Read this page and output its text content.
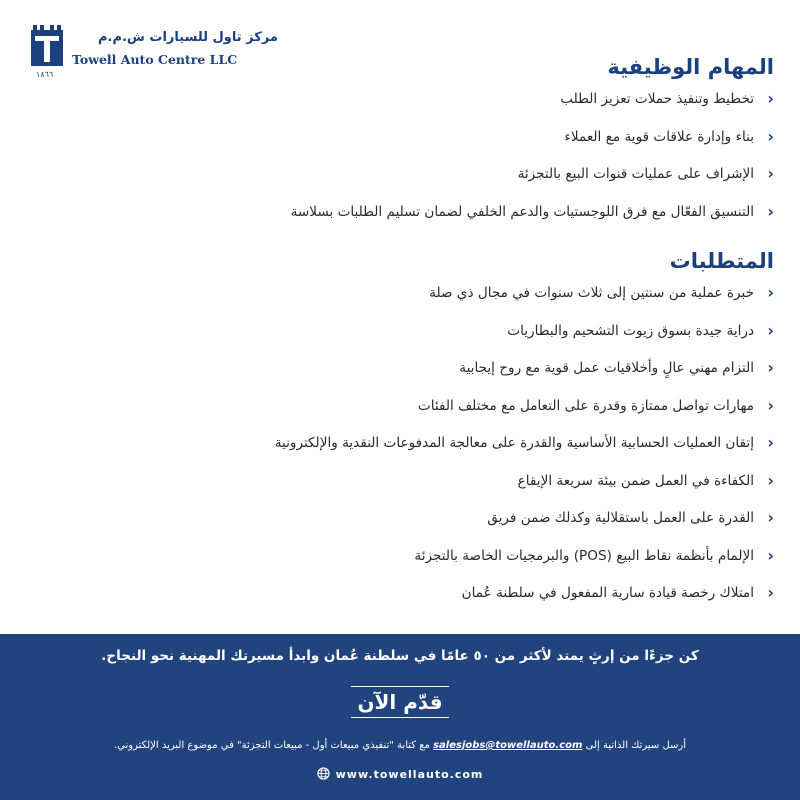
مركز تاول للسيارات ش.م.م
Towell Auto Centre LLC
١٨٦٦	المهام الوظيفية
‹
تخطيط وتنفيذ حملات تعزيز الطلب
‹
بناء وإدارة علاقات قوية مع العملاء
‹
الإشراف على عمليات قنوات البيع بالتجزئة
‹
التنسيق الفعّال مع فرق اللوجستيات والدعم الخلفي لضمان تسليم الطلبات بسلاسة
المتطلبات
‹
خبرة عملية من سنتين إلى ثلاث سنوات في مجال ذي صلة
‹
دراية جيدة بسوق زيوت التشحيم والبطاريات
‹
التزام مهني عالٍ وأخلاقيات عمل قوية مع روح إيجابية
‹
مهارات تواصل ممتازة وقدرة على التعامل مع مختلف الفئات
‹
إتقان العمليات الحسابية الأساسية والقدرة على معالجة المدفوعات النقدية والإلكترونية
‹
الكفاءة في العمل ضمن بيئة سريعة الإيقاع
‹
القدرة على العمل باستقلالية وكذلك ضمن فريق
‹
الإلمام بأنظمة نقاط البيع (POS) والبرمجيات الخاصة بالتجزئة
‹
امتلاك رخصة قيادة سارية المفعول في سلطنة عُمان
كن جزءًا من إرثٍ يمتد لأكثر من ٥٠ عامًا في سلطنة عُمان وابدأ مسيرتك المهنية نحو النجاح.
قدّم الآن
أرسل سيرتك الذاتية إلى salesjobs@towellauto.com مع كتابة "تنفيذي مبيعات أول - مبيعات التجزئة" في موضوع البريد الإلكتروني.
www.towellauto.com
